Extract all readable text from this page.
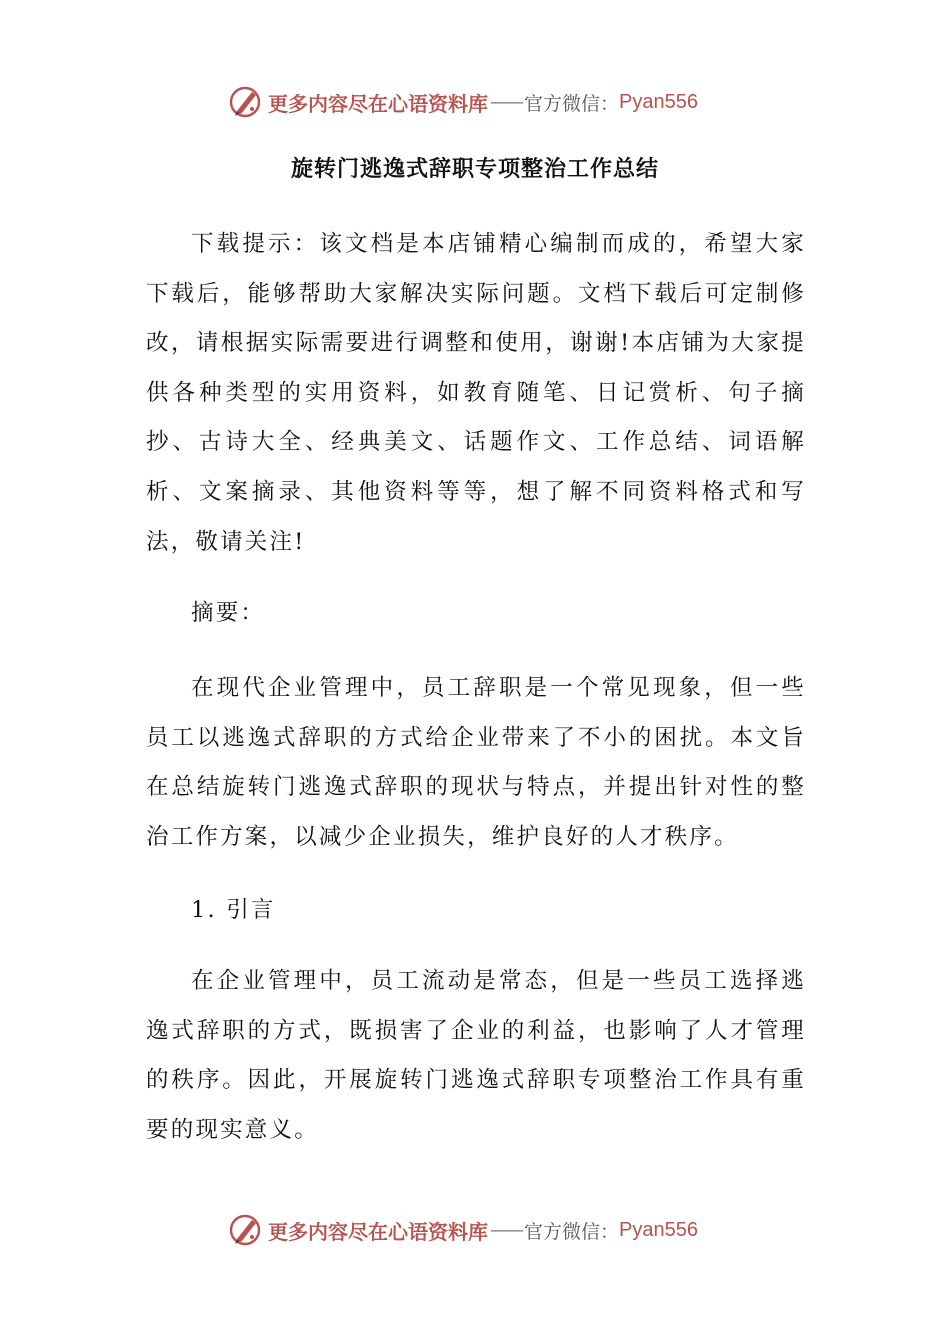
更多内容尽在心语资料库 —— 官方微信： Pyan556
旋转门逃逸式辞职专项整治工作总结

下载提示：该文档是本店铺精心编制而成的，希望大家下载后，能够帮助大家解决实际问题。文档下载后可定制修改，请根据实际需要进行调整和使用，谢谢!本店铺为大家提供各种类型的实用资料，如教育随笔、日记赏析、句子摘抄、古诗大全、经典美文、话题作文、工作总结、词语解析、文案摘录、其他资料等等，想了解不同资料格式和写法，敬请关注!

摘要：

在现代企业管理中，员工辞职是一个常见现象，但一些员工以逃逸式辞职的方式给企业带来了不小的困扰。本文旨在总结旋转门逃逸式辞职的现状与特点，并提出针对性的整治工作方案，以减少企业损失，维护良好的人才秩序。

1. 引言

在企业管理中，员工流动是常态，但是一些员工选择逃逸式辞职的方式，既损害了企业的利益，也影响了人才管理的秩序。因此，开展旋转门逃逸式辞职专项整治工作具有重要的现实意义。

更多内容尽在心语资料库 —— 官方微信： Pyan556
